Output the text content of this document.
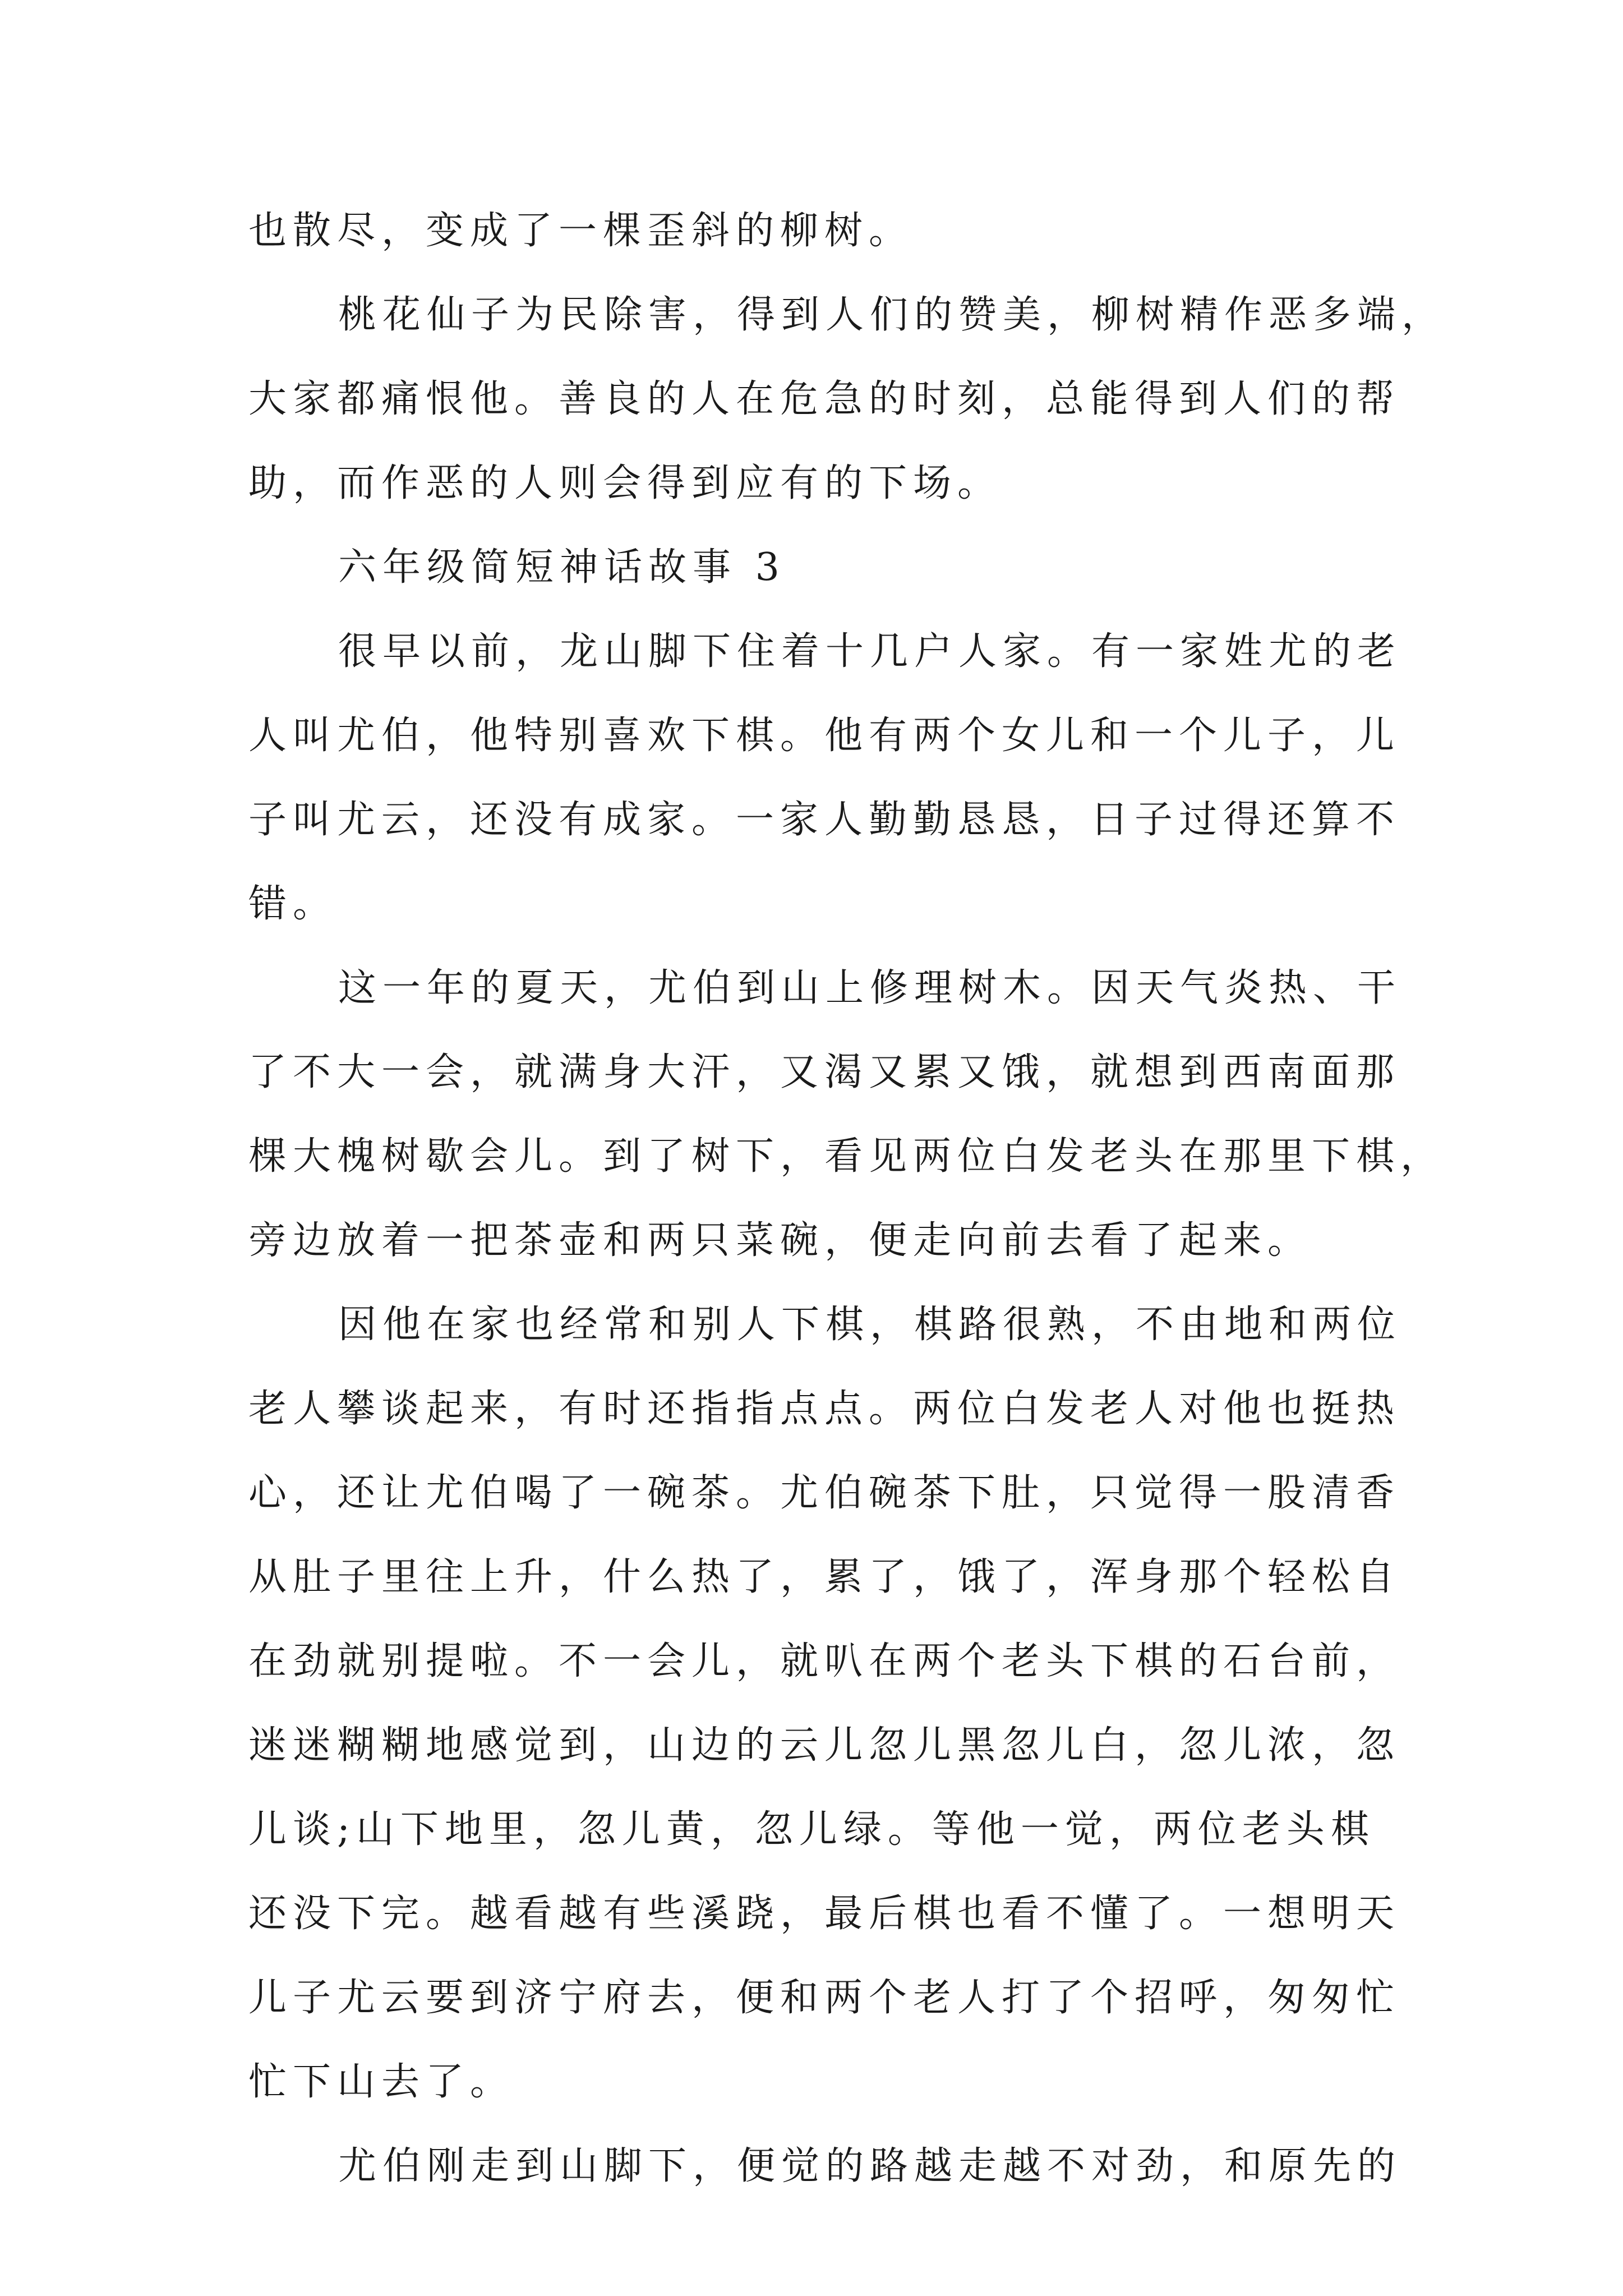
也散尽，变成了一棵歪斜的柳树。
桃花仙子为民除害，得到人们的赞美，柳树精作恶多端，
大家都痛恨他。善良的人在危急的时刻，总能得到人们的帮
助，而作恶的人则会得到应有的下场。
六年级简短神话故事 3
很早以前，龙山脚下住着十几户人家。有一家姓尤的老
人叫尤伯，他特别喜欢下棋。他有两个女儿和一个儿子，儿
子叫尤云，还没有成家。一家人勤勤恳恳，日子过得还算不
错。
这一年的夏天，尤伯到山上修理树木。因天气炎热、干
了不大一会，就满身大汗，又渴又累又饿，就想到西南面那
棵大槐树歇会儿。到了树下，看见两位白发老头在那里下棋，
旁边放着一把茶壶和两只菜碗，便走向前去看了起来。
因他在家也经常和别人下棋，棋路很熟，不由地和两位
老人攀谈起来，有时还指指点点。两位白发老人对他也挺热
心，还让尤伯喝了一碗茶。尤伯碗茶下肚，只觉得一股清香
从肚子里往上升，什么热了，累了，饿了，浑身那个轻松自
在劲就别提啦。不一会儿，就叭在两个老头下棋的石台前，
迷迷糊糊地感觉到，山边的云儿忽儿黑忽儿白，忽儿浓，忽
儿谈;山下地里，忽儿黄，忽儿绿。等他一觉，两位老头棋
还没下完。越看越有些溪跷，最后棋也看不懂了。一想明天
儿子尤云要到济宁府去，便和两个老人打了个招呼，匆匆忙
忙下山去了。
尤伯刚走到山脚下，便觉的路越走越不对劲，和原先的
